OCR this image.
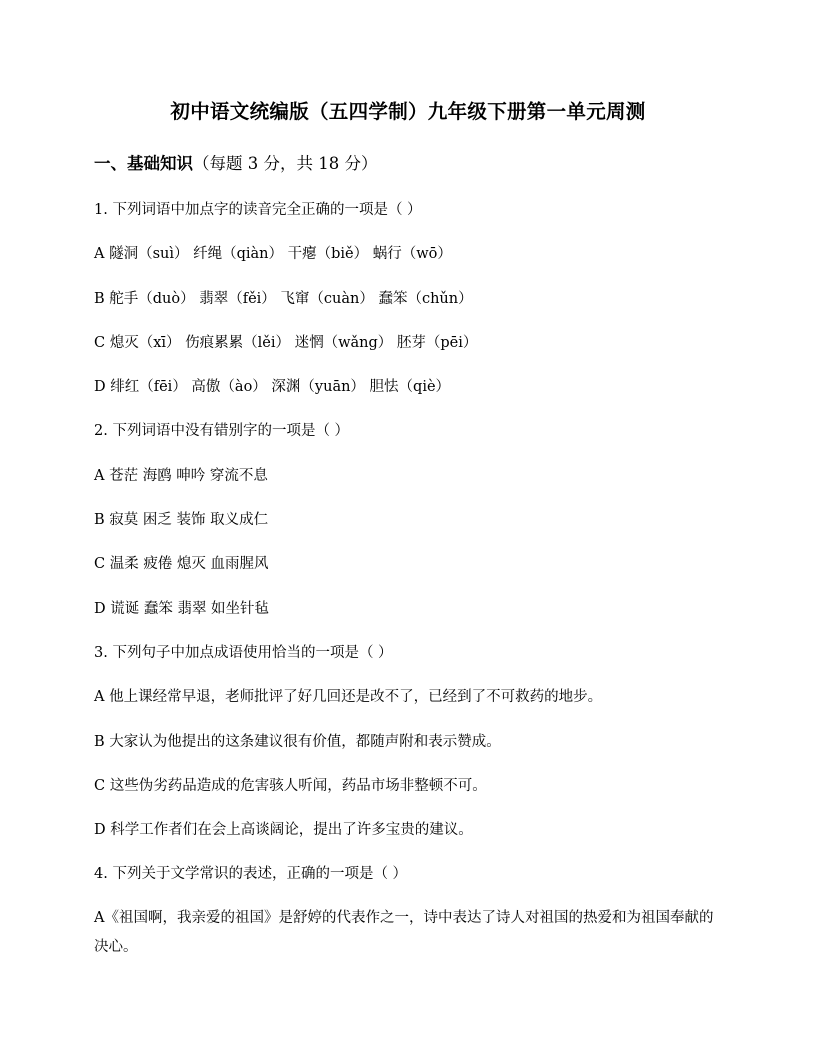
初中语文统编版（五四学制）九年级下册第一单元周测
一、基础知识（每题 3 分，共 18 分）
1. 下列词语中加点字的读音完全正确的一项是（ ）
A 隧洞（suì） 纤绳（qiàn） 干瘪（biě） 蜗行（wō）
B 舵手（duò） 翡翠（fěi） 飞窜（cuàn） 蠢笨（chǔn）
C 熄灭（xī） 伤痕累累（lěi） 迷惘（wǎng） 胚芽（pēi）
D 绯红（fēi） 高傲（ào） 深渊（yuān） 胆怯（qiè）
2. 下列词语中没有错别字的一项是（ ）
A 苍茫 海鸥 呻吟 穿流不息
B 寂莫 困乏 装饰 取义成仁
C 温柔 疲倦 熄灭 血雨腥风
D 谎诞 蠢笨 翡翠 如坐针毡
3. 下列句子中加点成语使用恰当的一项是（ ）
A 他上课经常早退，老师批评了好几回还是改不了，已经到了不可救药的地步。
B 大家认为他提出的这条建议很有价值，都随声附和表示赞成。
C 这些伪劣药品造成的危害骇人听闻，药品市场非整顿不可。
D 科学工作者们在会上高谈阔论，提出了许多宝贵的建议。
4. 下列关于文学常识的表述，正确的一项是（ ）
A《祖国啊，我亲爱的祖国》是舒婷的代表作之一，诗中表达了诗人对祖国的热爱和为祖国奉献的决心。
